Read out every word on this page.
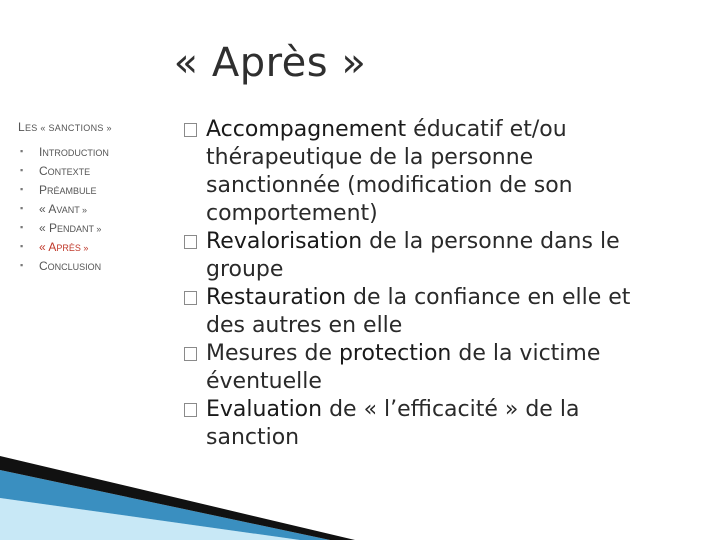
« Après »
LES « SANCTIONS »
▪ INTRODUCTION
▪ CONTEXTE
▪ PRÉAMBULE
▪ « AVANT »
▪ « PENDANT »
▪ « APRÈS »
▪ CONCLUSION
Accompagnement éducatif et/ou thérapeutique de la personne sanctionnée (modification de son comportement)
Revalorisation de la personne dans le groupe
Restauration de la confiance en elle et des autres en elle
Mesures de protection de la victime éventuelle
Evaluation de « l’efficacité » de la sanction
